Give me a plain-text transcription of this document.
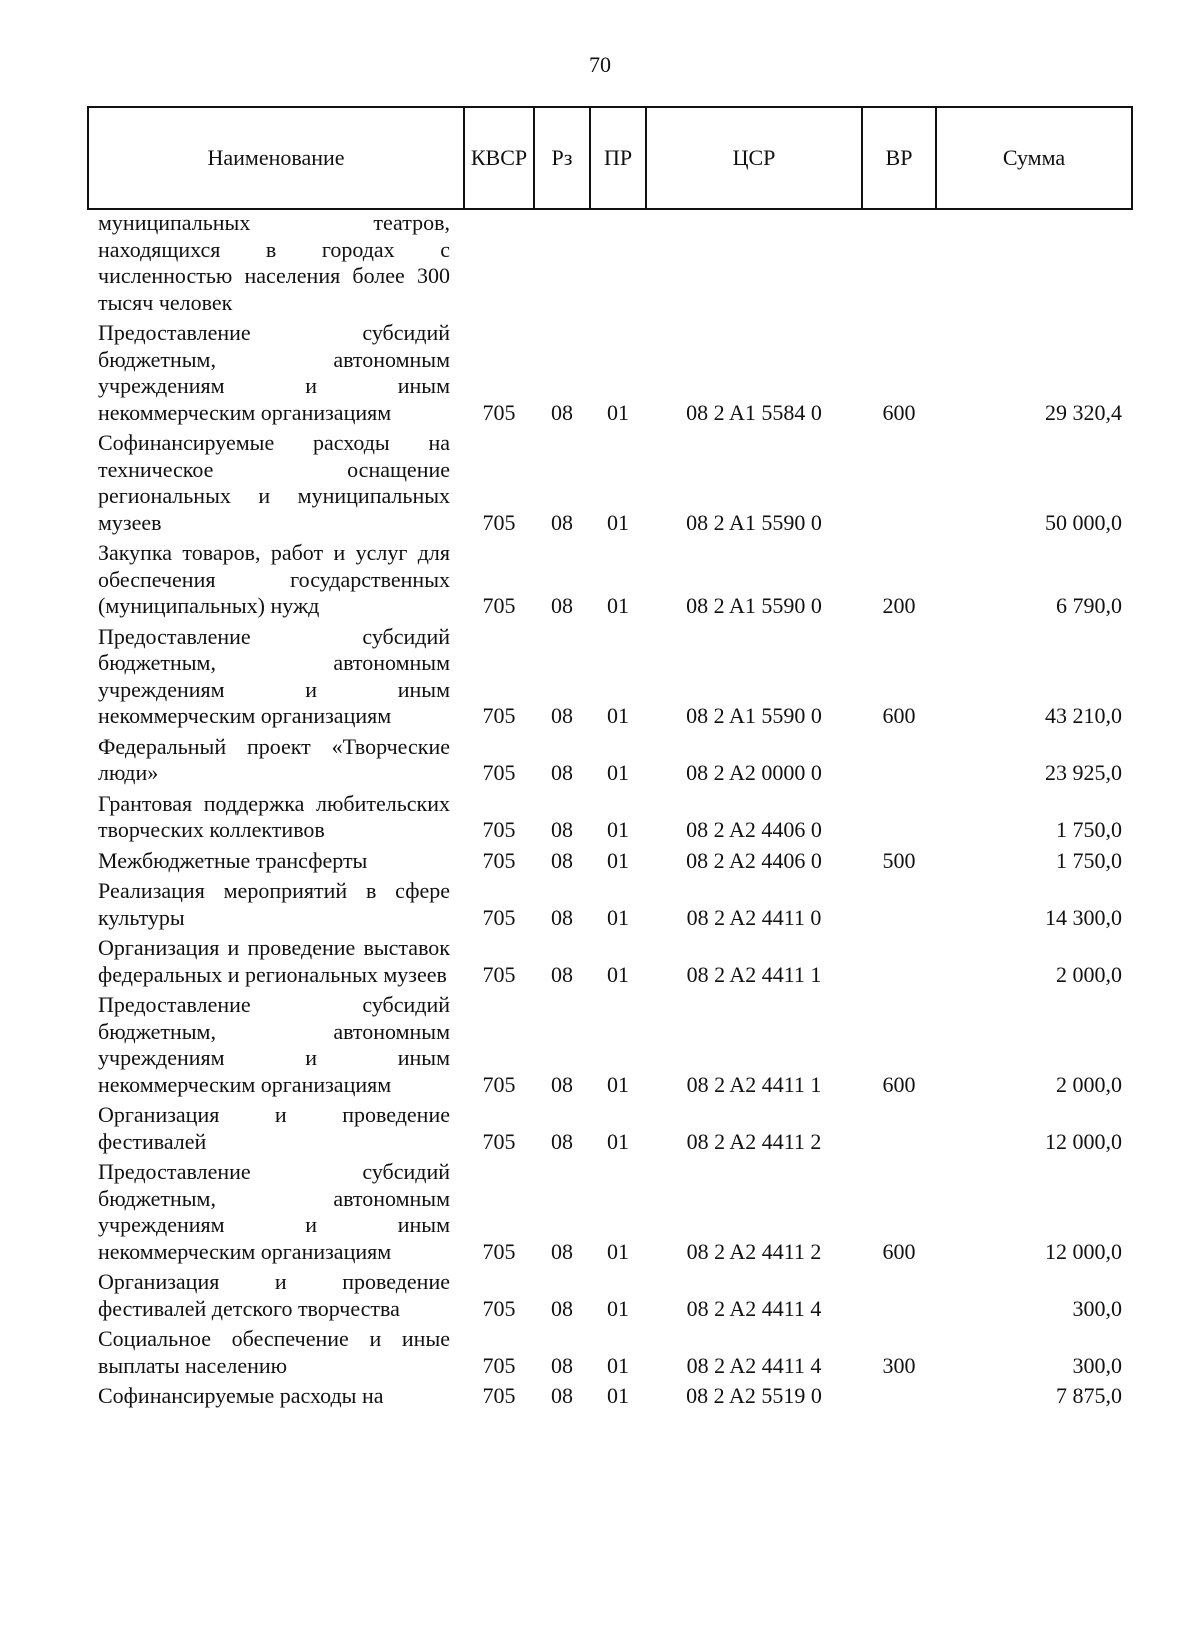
70
Наименование	КВСР	Рз	ПР	ЦСР	ВР	Сумма
муниципальных театров, находящихся в городах с численностью населения более 300 тысяч человек						
Предоставление субсидий бюджетным, автономным учреждениям и иным некоммерческим организациям	705	08	01	08 2 A1 5584 0	600	29 320,4
Софинансируемые расходы на техническое оснащение региональных и муниципальных музеев	705	08	01	08 2 A1 5590 0		50 000,0
Закупка товаров, работ и услуг для обеспечения государственных (муниципальных) нужд	705	08	01	08 2 A1 5590 0	200	6 790,0
Предоставление субсидий бюджетным, автономным учреждениям и иным некоммерческим организациям	705	08	01	08 2 A1 5590 0	600	43 210,0
Федеральный проект «Творческие люди»	705	08	01	08 2 A2 0000 0		23 925,0
Грантовая поддержка любительских творческих коллективов	705	08	01	08 2 A2 4406 0		1 750,0
Межбюджетные трансферты	705	08	01	08 2 A2 4406 0	500	1 750,0
Реализация мероприятий в сфере культуры	705	08	01	08 2 A2 4411 0		14 300,0
Организация и проведение выставок федеральных и региональных музеев	705	08	01	08 2 A2 4411 1		2 000,0
Предоставление субсидий бюджетным, автономным учреждениям и иным некоммерческим организациям	705	08	01	08 2 A2 4411 1	600	2 000,0
Организация и проведение фестивалей	705	08	01	08 2 A2 4411 2		12 000,0
Предоставление субсидий бюджетным, автономным учреждениям и иным некоммерческим организациям	705	08	01	08 2 A2 4411 2	600	12 000,0
Организация и проведение фестивалей детского творчества	705	08	01	08 2 A2 4411 4		300,0
Социальное обеспечение и иные выплаты населению	705	08	01	08 2 A2 4411 4	300	300,0
Софинансируемые расходы на	705	08	01	08 2 A2 5519 0		7 875,0
